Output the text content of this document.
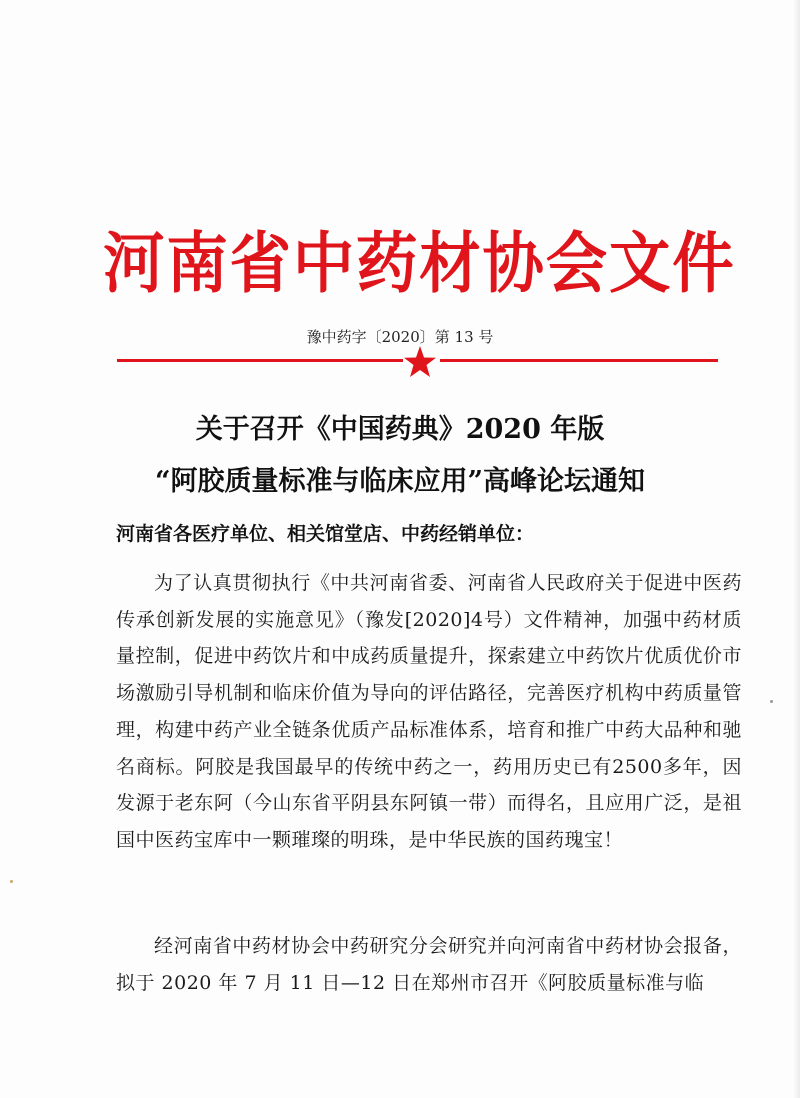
河南省中药材协会文件
豫中药字〔2020〕第 13 号
关于召开《中国药典》2020 年版
“阿胶质量标准与临床应用”高峰论坛通知
河南省各医疗单位、相关馆堂店、中药经销单位：
为了认真贯彻执行《中共河南省委、河南省人民政府关于促进中医药传承创新发展的实施意见》（豫发[2020]4号）文件精神，加强中药材质量控制，促进中药饮片和中成药质量提升，探索建立中药饮片优质优价市场激励引导机制和临床价值为导向的评估路径，完善医疗机构中药质量管理，构建中药产业全链条优质产品标准体系，培育和推广中药大品种和驰名商标。阿胶是我国最早的传统中药之一，药用历史已有2500多年，因发源于老东阿（今山东省平阴县东阿镇一带）而得名，且应用广泛，是祖国中医药宝库中一颗璀璨的明珠，是中华民族的国药瑰宝！
经河南省中药材协会中药研究分会研究并向河南省中药材协会报备，拟于 2020 年 7 月 11 日—12 日在郑州市召开《阿胶质量标准与临
